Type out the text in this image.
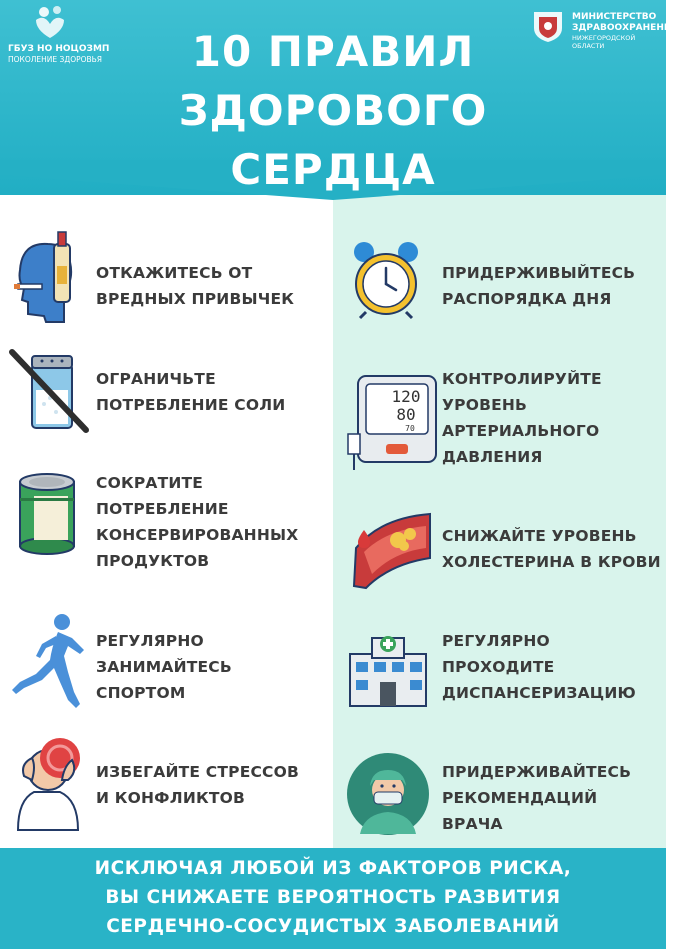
ГБУЗ НО НОЦОЗМП
ПОКОЛЕНИЕ ЗДОРОВЬЯ
МИНИСТЕРСТВО
ЗДРАВООХРАНЕНИЯ
НИЖЕГОРОДСКОЙ ОБЛАСТИ
10 ПРАВИЛ
ЗДОРОВОГО
СЕРДЦА
ОТКАЖИТЕСЬ ОТ
ВРЕДНЫХ ПРИВЫЧЕК
ОГРАНИЧЬТЕ
ПОТРЕБЛЕНИЕ СОЛИ
СОКРАТИТЕ
ПОТРЕБЛЕНИЕ
КОНСЕРВИРОВАННЫХ
ПРОДУКТОВ
РЕГУЛЯРНО
ЗАНИМАЙТЕСЬ
СПОРТОМ
ИЗБЕГАЙТЕ СТРЕССОВ
И КОНФЛИКТОВ
ПРИДЕРЖИВЫЙТЕСЬ
РАСПОРЯДКА ДНЯ
120
80
70
КОНТРОЛИРУЙТЕ
УРОВЕНЬ
АРТЕРИАЛЬНОГО
ДАВЛЕНИЯ
СНИЖАЙТЕ УРОВЕНЬ
ХОЛЕСТЕРИНА В КРОВИ
РЕГУЛЯРНО
ПРОХОДИТЕ
ДИСПАНСЕРИЗАЦИЮ
ПРИДЕРЖИВАЙТЕСЬ
РЕКОМЕНДАЦИЙ
ВРАЧА
ИСКЛЮЧАЯ ЛЮБОЙ ИЗ ФАКТОРОВ РИСКА,
ВЫ СНИЖАЕТЕ ВЕРОЯТНОСТЬ РАЗВИТИЯ
СЕРДЕЧНО-СОСУДИСТЫХ ЗАБОЛЕВАНИЙ
